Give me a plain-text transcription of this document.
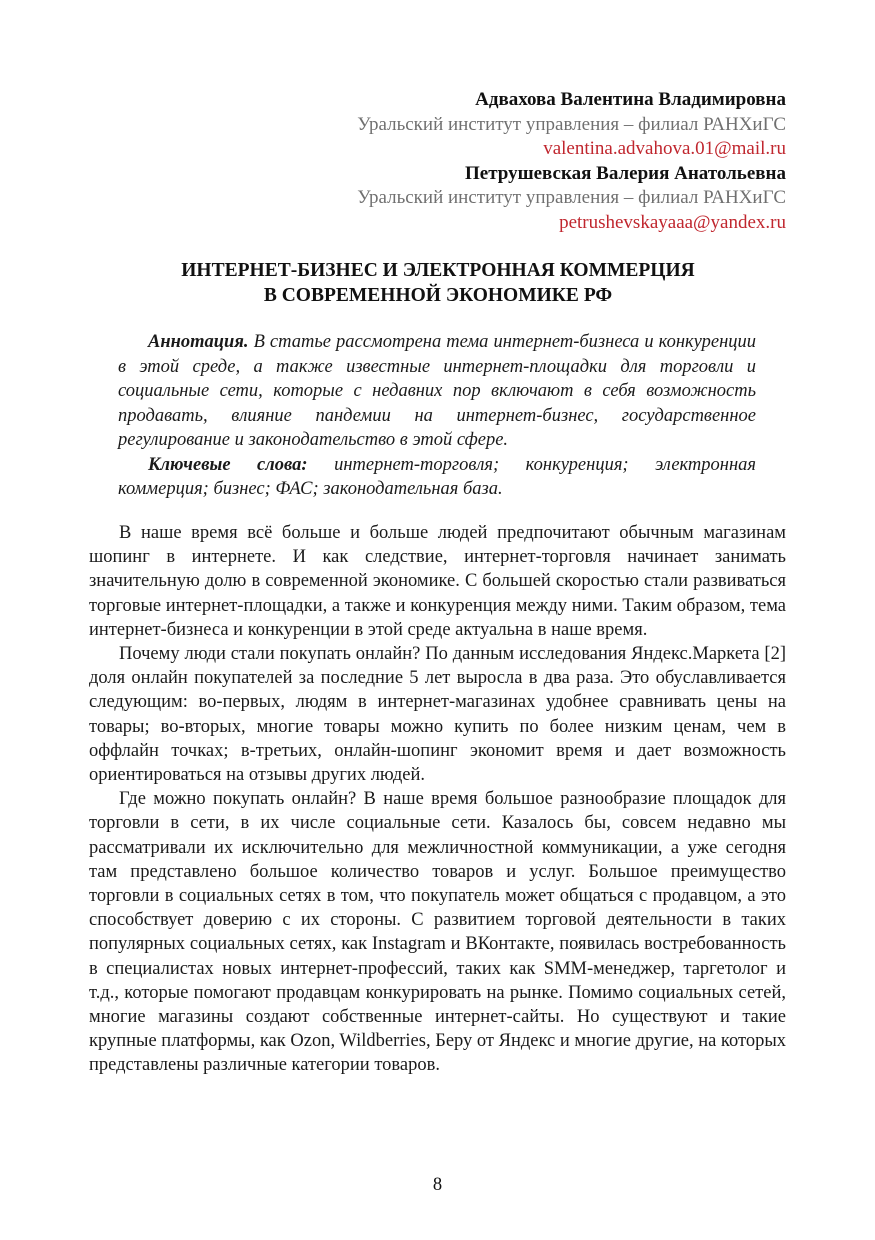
Адвахова Валентина Владимировна
Уральский институт управления – филиал РАНХиГС
valentina.advahova.01@mail.ru
Петрушевская Валерия Анатольевна
Уральский институт управления – филиал РАНХиГС
petrushevskayaaa@yandex.ru
ИНТЕРНЕТ-БИЗНЕС И ЭЛЕКТРОННАЯ КОММЕРЦИЯ
В СОВРЕМЕННОЙ ЭКОНОМИКЕ РФ

Аннотация. В статье рассмотрена тема интернет-бизнеса и конкуренции в этой среде, а также известные интернет-площадки для торговли и социальные сети, которые с недавних пор включают в себя возможность продавать, влияние пандемии на интернет-бизнес, государственное регулирование и законодательство в этой сфере.

Ключевые слова: интернет-торговля; конкуренция; электронная коммерция; бизнес; ФАС; законодательная база.

В наше время всё больше и больше людей предпочитают обычным магазинам шопинг в интернете. И как следствие, интернет-торговля начинает занимать значительную долю в современной экономике. С большей скоростью стали развиваться торговые интернет-площадки, а также и конкуренция между ними. Таким образом, тема интернет-бизнеса и конкуренции в этой среде актуальна в наше время.

Почему люди стали покупать онлайн? По данным исследования Яндекс.Маркета [2] доля онлайн покупателей за последние 5 лет выросла в два раза. Это обуславливается следующим: во-первых, людям в интернет-магазинах удобнее сравнивать цены на товары; во-вторых, многие товары можно купить по более низким ценам, чем в оффлайн точках; в-третьих, онлайн-шопинг экономит время и дает возможность ориентироваться на отзывы других людей.

Где можно покупать онлайн? В наше время большое разнообразие площадок для торговли в сети, в их числе социальные сети. Казалось бы, совсем недавно мы рассматривали их исключительно для межличностной коммуникации, а уже сегодня там представлено большое количество товаров и услуг. Большое преимущество торговли в социальных сетях в том, что покупатель может общаться с продавцом, а это способствует доверию с их стороны. С развитием торговой деятельности в таких популярных социальных сетях, как Instagram и ВКонтакте, появилась востребованность в специалистах новых интернет-профессий, таких как SMM-менеджер, таргетолог и т.д., которые помогают продавцам конкурировать на рынке. Помимо социальных сетей, многие магазины создают собственные интернет-сайты. Но существуют и такие крупные платформы, как Ozon, Wildberries, Беру от Яндекс и многие другие, на которых представлены различные категории товаров.

8
